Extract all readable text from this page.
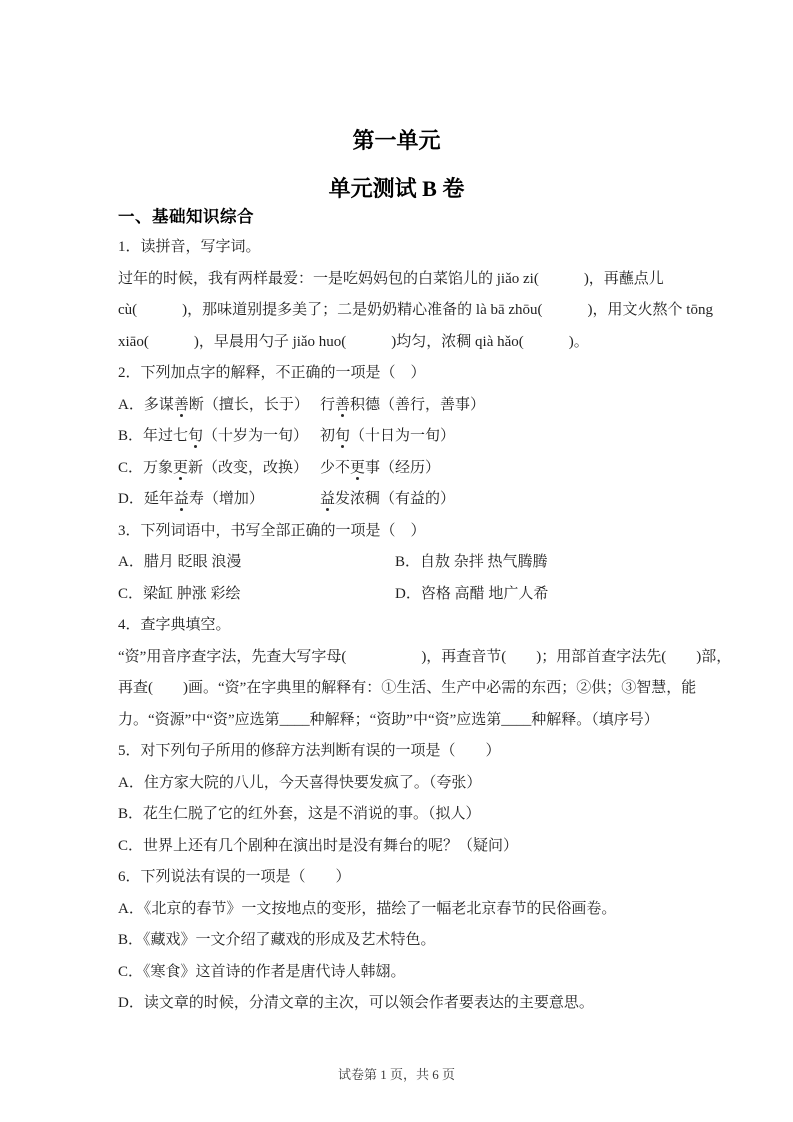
第一单元
单元测试 B 卷
一、基础知识综合
1．读拼音，写字词。
过年的时候，我有两样最爱：一是吃妈妈包的白菜馅儿的 jiǎo zi(　　　)，再蘸点儿
cù(　　　)，那味道别提多美了；二是奶奶精心准备的 là bā zhōu(　　　)，用文火熬个 tōng
xiāo(　　　)，早晨用勺子 jiǎo huo(　　　)均匀，浓稠 qià hǎo(　　　)。
2．下列加点字的解释，不正确的一项是（　）
A．多谋善断（擅长，长于） 行善积德（善行，善事）
B．年过七旬（十岁为一旬） 初旬（十日为一旬）
C．万象更新（改变，改换） 少不更事（经历）
D．延年益寿（增加）	益发浓稠（有益的）
3．下列词语中，书写全部正确的一项是（　）
A．腊月 眨眼 浪漫	B．自敖 杂拌 热气腾腾
C．梁缸 肿涨 彩绘	D．咨格 高醋 地广人希
4．查字典填空。
“资”用音序查字法，先查大写字母(　　　　　)，再查音节(　　)；用部首查字法先(　　)部，
再查(　　)画。“资”在字典里的解释有：①生活、生产中必需的东西；②供；③智慧，能
力。“资源”中“资”应选第____种解释；“资助”中“资”应选第____种解释。（填序号）
5．对下列句子所用的修辞方法判断有误的一项是（　　）
A．住方家大院的八儿，今天喜得快要发疯了。（夸张）
B．花生仁脱了它的红外套，这是不消说的事。（拟人）
C．世界上还有几个剧种在演出时是没有舞台的呢？（疑问）
6．下列说法有误的一项是（　　）
A．《北京的春节》一文按地点的变形，描绘了一幅老北京春节的民俗画卷。
B．《藏戏》一文介绍了藏戏的形成及艺术特色。
C．《寒食》这首诗的作者是唐代诗人韩翃。
D．读文章的时候，分清文章的主次，可以领会作者要表达的主要意思。
试卷第 1 页，共 6 页
